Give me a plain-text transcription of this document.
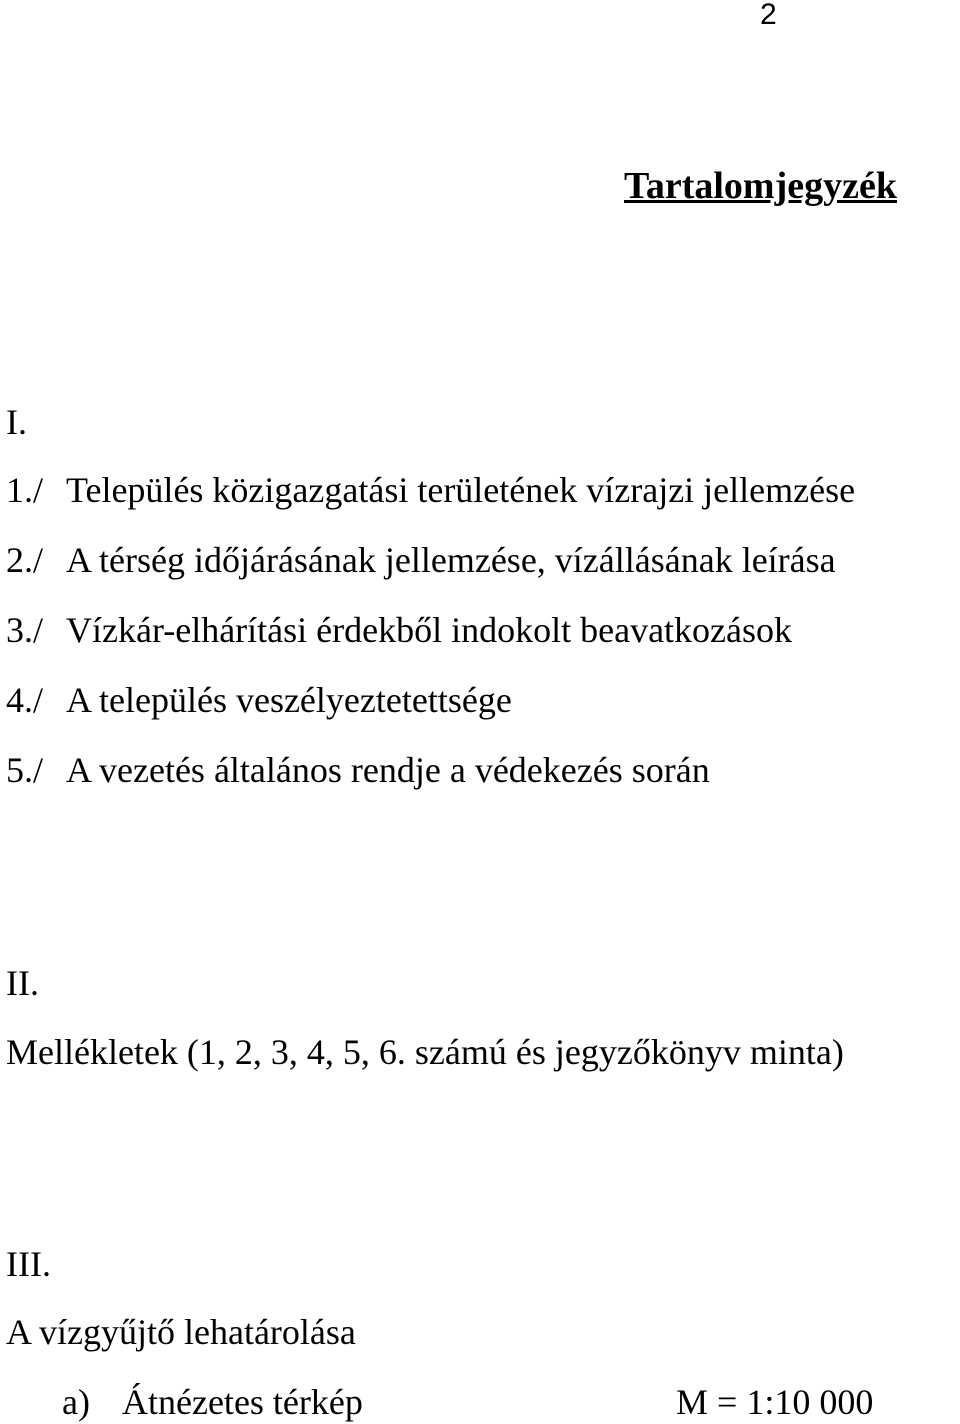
2
Tartalomjegyzék
I.
1./ Település közigazgatási területének vízrajzi jellemzése
2./ A térség időjárásának jellemzése, vízállásának leírása
3./ Vízkár-elhárítási érdekből indokolt beavatkozások
4./ A település veszélyeztetettsége
5./ A vezetés általános rendje a védekezés során
II.
Mellékletek (1, 2, 3, 4, 5, 6. számú és jegyzőkönyv minta)
III.
A vízgyűjtő lehatárolása
a) Átnézetes térkép	M = 1:10 000
